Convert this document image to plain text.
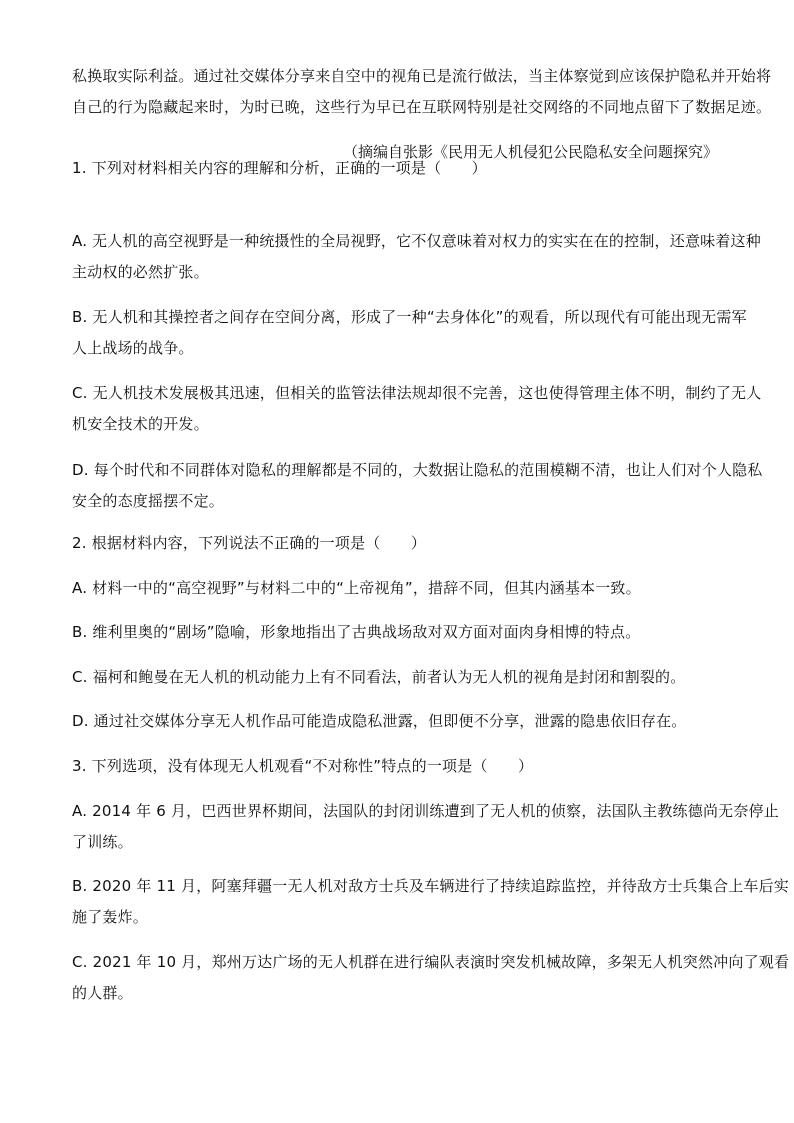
私换取实际利益。通过社交媒体分享来自空中的视角已是流行做法，当主体察觉到应该保护隐私并开始将
自己的行为隐藏起来时，为时已晚，这些行为早已在互联网特别是社交网络的不同地点留下了数据足迹。
（摘编自张影《民用无人机侵犯公民隐私安全问题探究》
1. 下列对材料相关内容的理解和分析，正确的一项是（　　）
A. 无人机的高空视野是一种统摄性的全局视野，它不仅意味着对权力的实实在在的控制，还意味着这种
主动权的必然扩张。
B. 无人机和其操控者之间存在空间分离，形成了一种“去身体化”的观看，所以现代有可能出现无需军
人上战场的战争。
C. 无人机技术发展极其迅速，但相关的监管法律法规却很不完善，这也使得管理主体不明，制约了无人
机安全技术的开发。
D. 每个时代和不同群体对隐私的理解都是不同的，大数据让隐私的范围模糊不清，也让人们对个人隐私
安全的态度摇摆不定。
2. 根据材料内容，下列说法不正确的一项是（　　）
A. 材料一中的“高空视野”与材料二中的“上帝视角”，措辞不同，但其内涵基本一致。
B. 维利里奥的“剧场”隐喻，形象地指出了古典战场敌对双方面对面肉身相博的特点。
C. 福柯和鲍曼在无人机的机动能力上有不同看法，前者认为无人机的视角是封闭和割裂的。
D. 通过社交媒体分享无人机作品可能造成隐私泄露，但即便不分享，泄露的隐患依旧存在。
3. 下列选项，没有体现无人机观看“不对称性”特点的一项是（　　）
A. 2014 年 6 月，巴西世界杯期间，法国队的封闭训练遭到了无人机的侦察，法国队主教练德尚无奈停止
了训练。
B. 2020 年 11 月，阿塞拜疆一无人机对敌方士兵及车辆进行了持续追踪监控，并待敌方士兵集合上车后实
施了轰炸。
C. 2021 年 10 月，郑州万达广场的无人机群在进行编队表演时突发机械故障，多架无人机突然冲向了观看
的人群。
